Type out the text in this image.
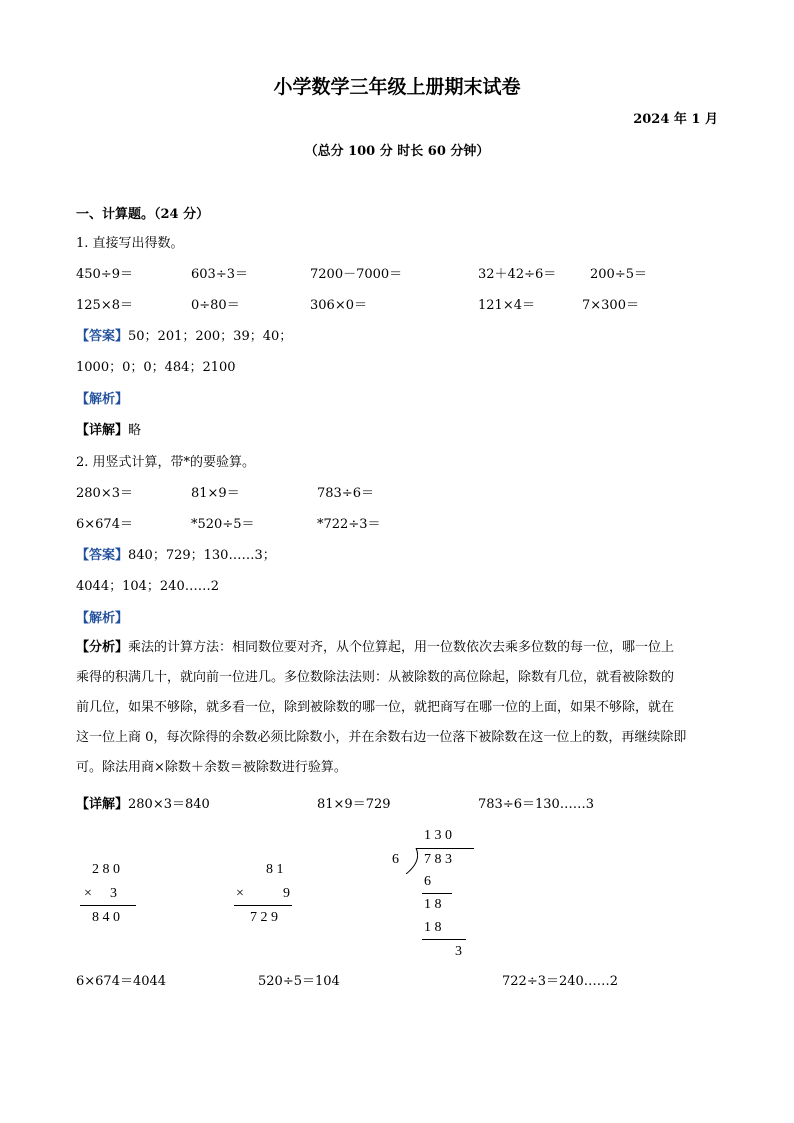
小学数学三年级上册期末试卷
2024 年 1 月
（总分 100 分 时长 60 分钟）
一、计算题。（24 分）
1. 直接写出得数。
450÷9＝	603÷3＝	7200－7000＝	32＋42÷6＝	200÷5＝
125×8＝	0÷80＝	306×0＝	121×4＝	7×300＝
【答案】50；201；200；39；40；
1000；0；0；484；2100
【解析】
【详解】略
2. 用竖式计算，带*的要验算。
280×3＝	81×9＝	783÷6＝
6×674＝	*520÷5＝	*722÷3＝
【答案】840；729；130……3；
4044；104；240……2
【解析】
【分析】乘法的计算方法：相同数位要对齐，从个位算起，用一位数依次去乘多位数的每一位，哪一位上
乘得的积满几十，就向前一位进几。多位数除法法则：从被除数的高位除起，除数有几位，就看被除数的
前几位，如果不够除，就多看一位，除到被除数的哪一位，就把商写在哪一位的上面，如果不够除，就在
这一位上商 0，每次除得的余数必须比除数小，并在余数右边一位落下被除数在这一位上的数，再继续除即
可。除法用商×除数＋余数＝被除数进行验算。
【详解】280×3＝840	81×9＝729	783÷6＝130……3
2 8 0
× 3
8 4 0
8 1
×	9
7 2 9
1 3 0
6 7 8 3
6
1 8
1 8
3
6×674＝4044	520÷5＝104	722÷3＝240……2
